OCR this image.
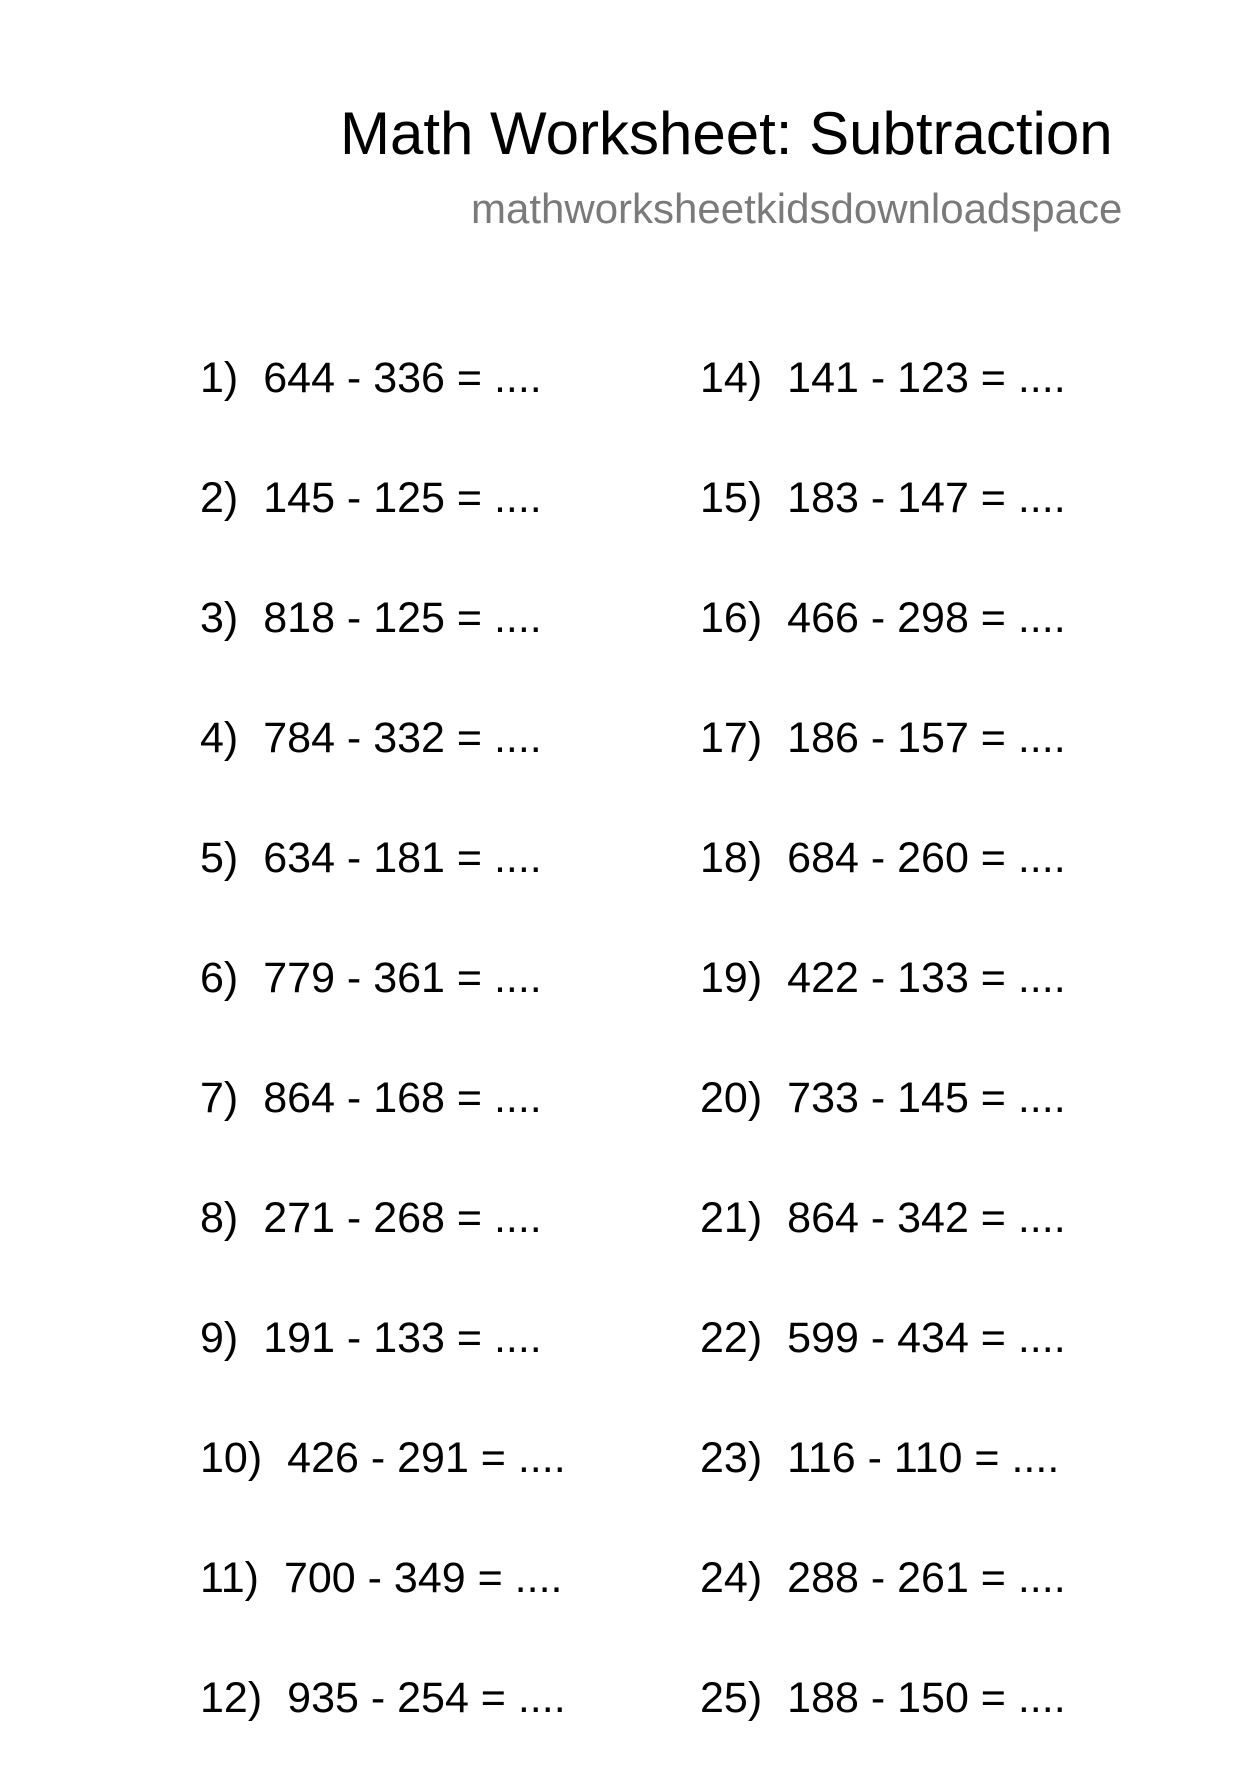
Math Worksheet: Subtraction
mathworksheetkidsdownloadspace
1) 644 - 336 = ....
2) 145 - 125 = ....
3) 818 - 125 = ....
4) 784 - 332 = ....
5) 634 - 181 = ....
6) 779 - 361 = ....
7) 864 - 168 = ....
8) 271 - 268 = ....
9) 191 - 133 = ....
10) 426 - 291 = ....
11) 700 - 349 = ....
12) 935 - 254 = ....
14) 141 - 123 = ....
15) 183 - 147 = ....
16) 466 - 298 = ....
17) 186 - 157 = ....
18) 684 - 260 = ....
19) 422 - 133 = ....
20) 733 - 145 = ....
21) 864 - 342 = ....
22) 599 - 434 = ....
23) 116 - 110 = ....
24) 288 - 261 = ....
25) 188 - 150 = ....
